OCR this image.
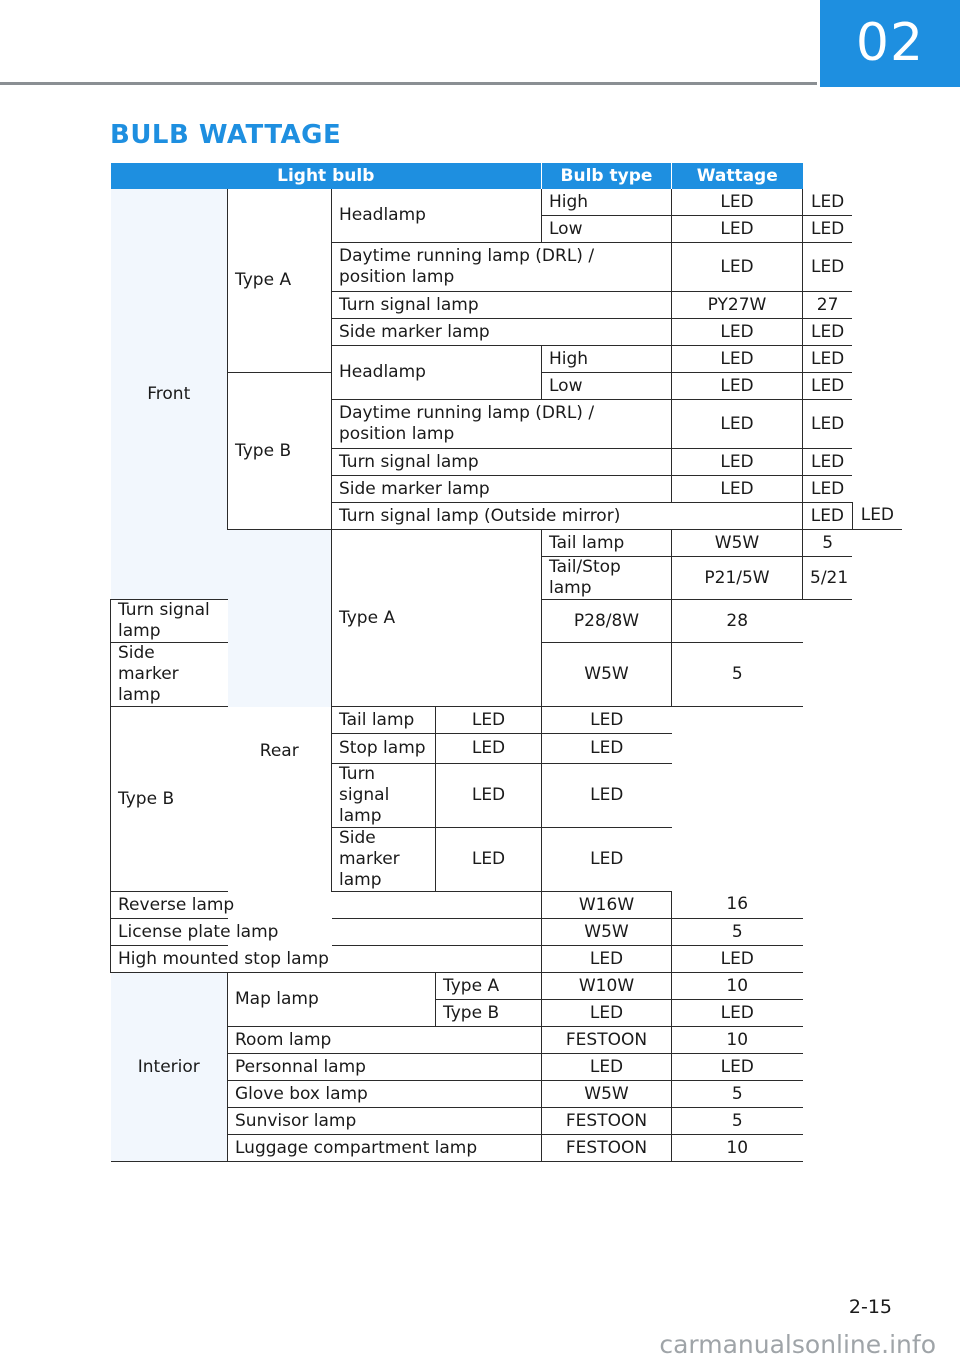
02
BULB WATTAGE
Light bulb				Bulb type	Wattage		
Front	Type A	Headlamp		High	LED	LED	
				Low	LED	LED	
		Daytime running lamp (DRL) / position lamp			LED	LED	
		Turn signal lamp			PY27W	27	
		Side marker lamp			LED	LED	
		Headlamp		High	LED	LED	
	Type B			Low	LED	LED	
		Daytime running lamp (DRL) / position lamp			LED	LED	
		Turn signal lamp			LED	LED	
		Side marker lamp			LED	LED	
		Turn signal lamp (Outside mirror)				LED	LED
	Rear	Type A		Tail lamp	W5W	5	
				Tail/Stop lamp	P21/5W	5/21	
Turn signal lamp				P28/8W	28		
Side marker lamp				W5W	5		
Type B		Tail lamp	LED	LED			
		Stop lamp	LED	LED			
		Turn signal lamp	LED	LED			
		Side marker lamp	LED	LED			
Reverse lamp				W16W	16		
License plate lamp				W5W	5		
High mounted stop lamp				LED	LED		
Interior	Map lamp		Type A	W10W	10		
			Type B	LED	LED		
	Room lamp			FESTOON	10		
	Personnal lamp			LED	LED		
	Glove box lamp			W5W	5		
	Sunvisor lamp			FESTOON	5		
	Luggage compartment lamp			FESTOON	10		
2-15
carmanualsonline.info
